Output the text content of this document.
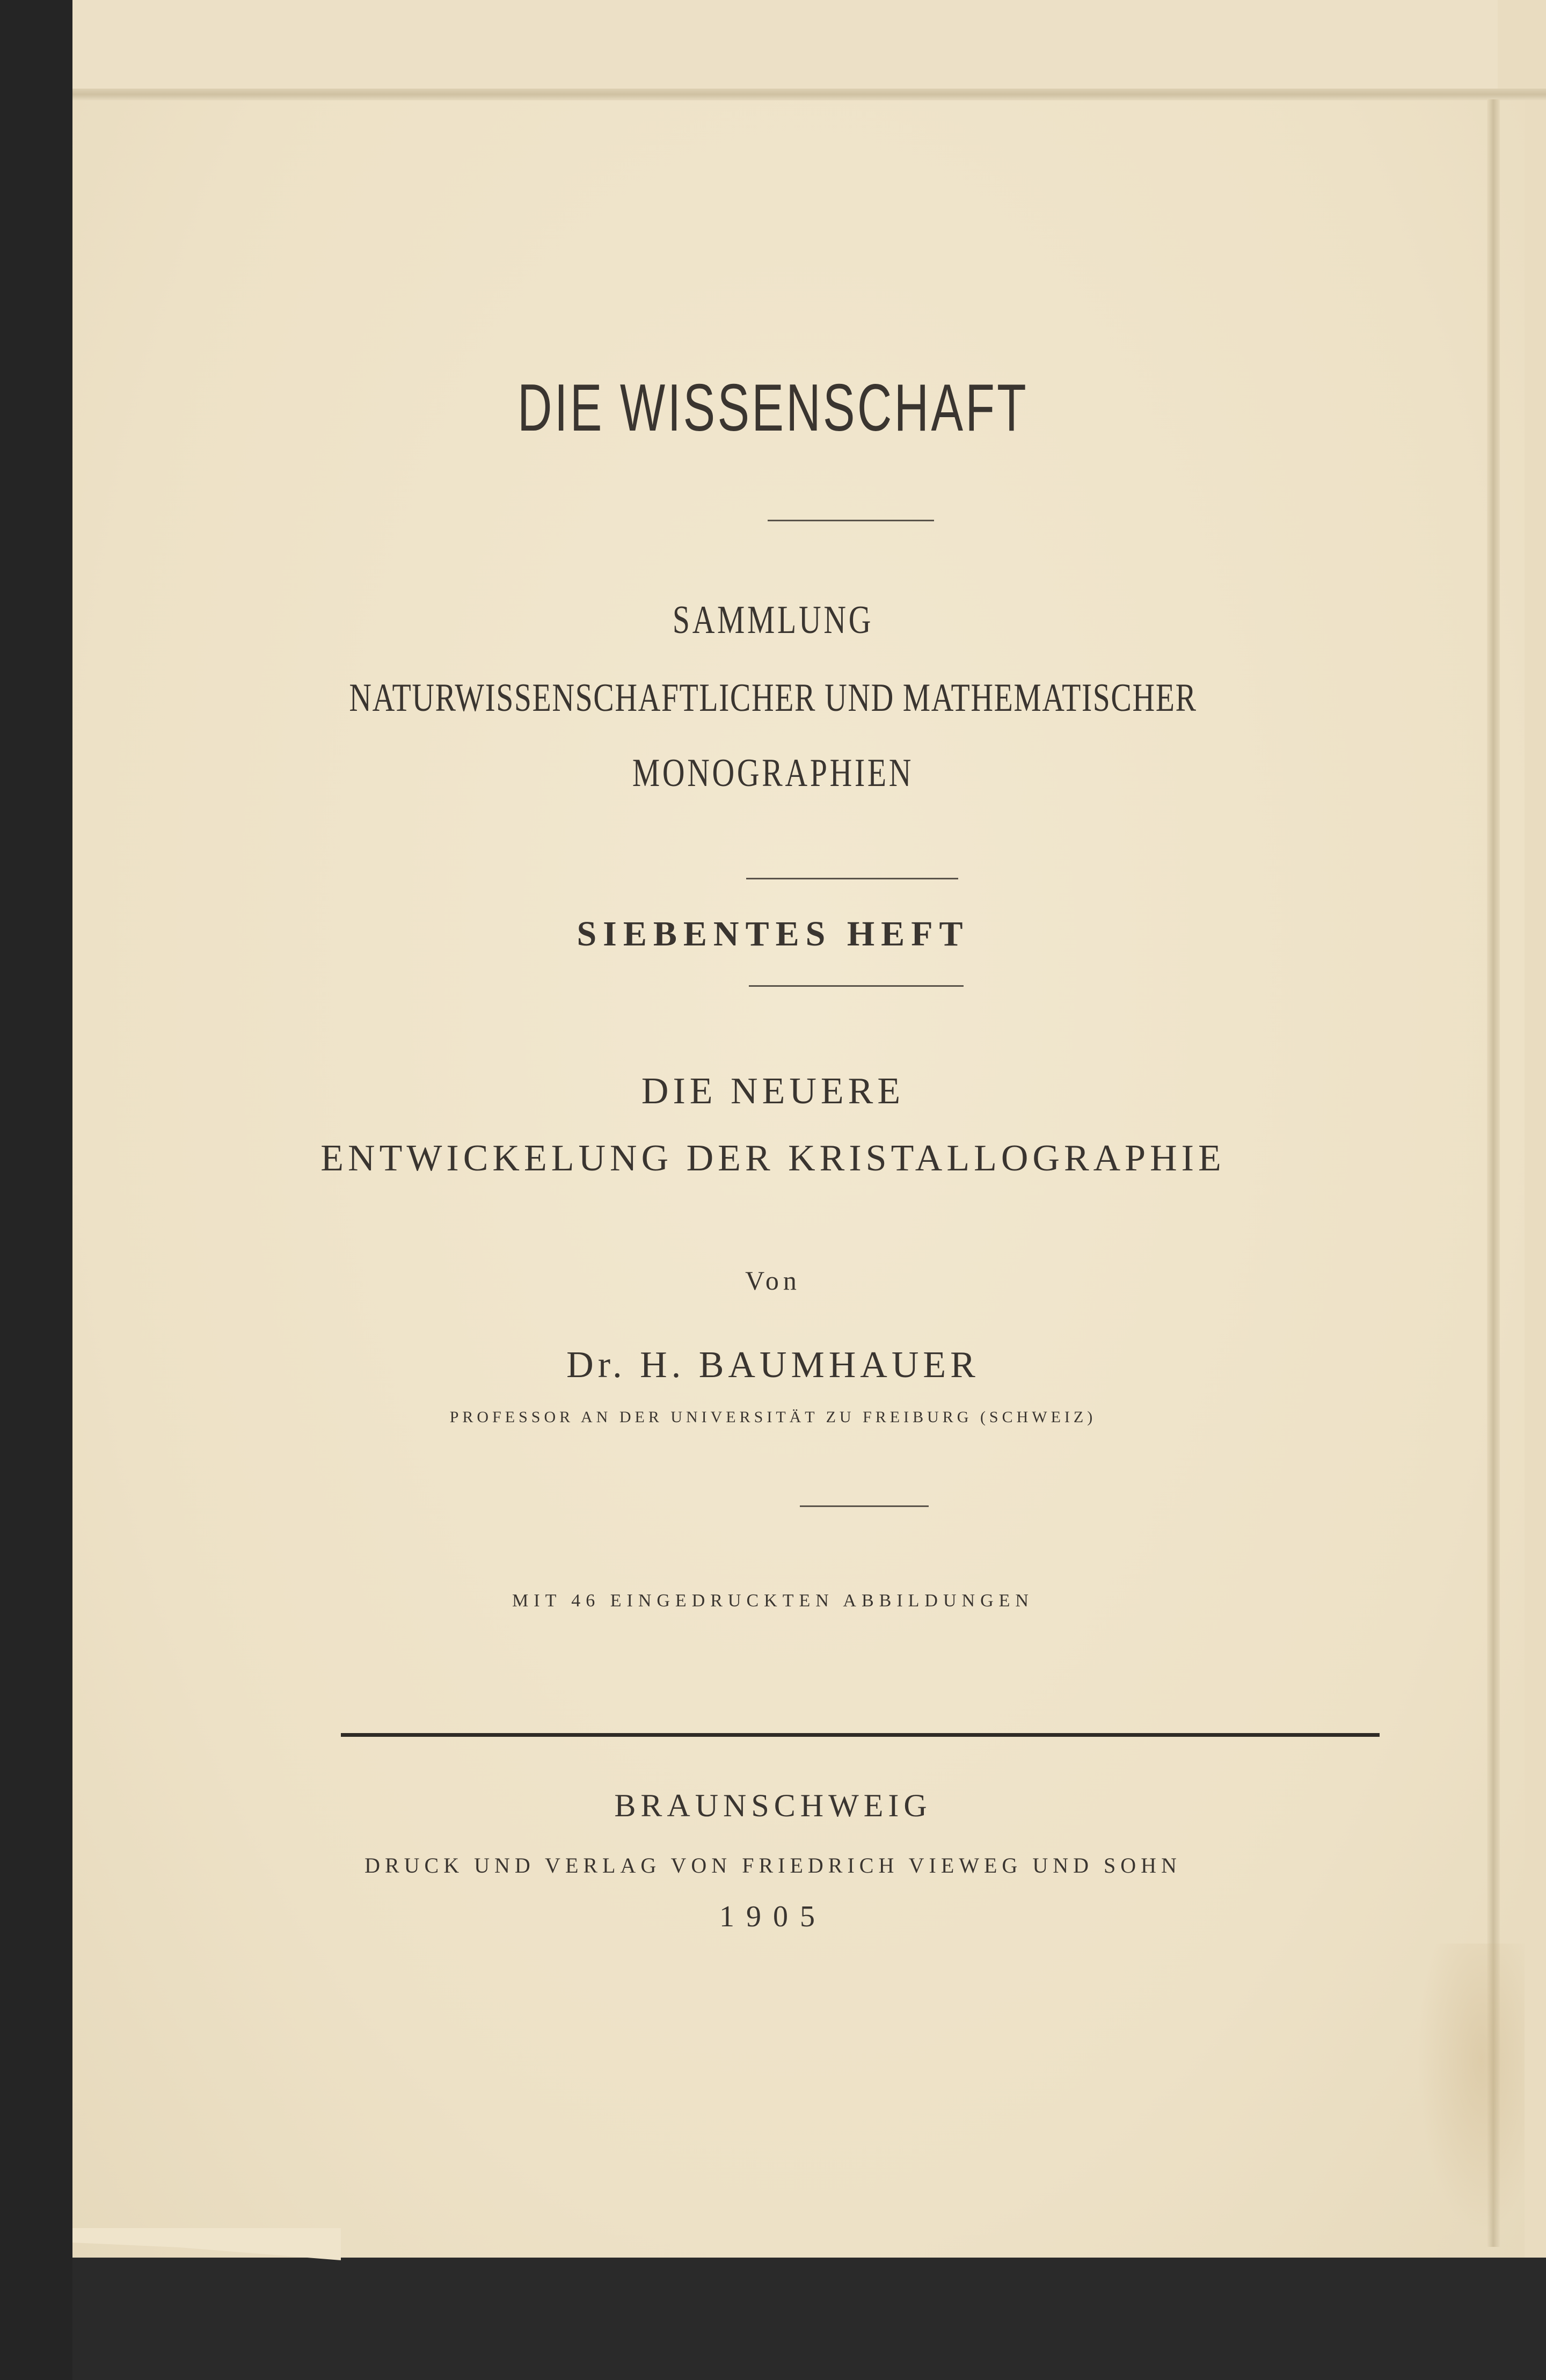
DIE WISSENSCHAFT
SAMMLUNG
NATURWISSENSCHAFTLICHER UND MATHEMATISCHER
MONOGRAPHIEN
SIEBENTES HEFT
DIE NEUERE
ENTWICKELUNG DER KRISTALLOGRAPHIE
Von
Dr. H. BAUMHAUER
PROFESSOR AN DER UNIVERSITÄT ZU FREIBURG (SCHWEIZ)
MIT 46 EINGEDRUCKTEN ABBILDUNGEN
BRAUNSCHWEIG
DRUCK UND VERLAG VON FRIEDRICH VIEWEG UND SOHN
1905
